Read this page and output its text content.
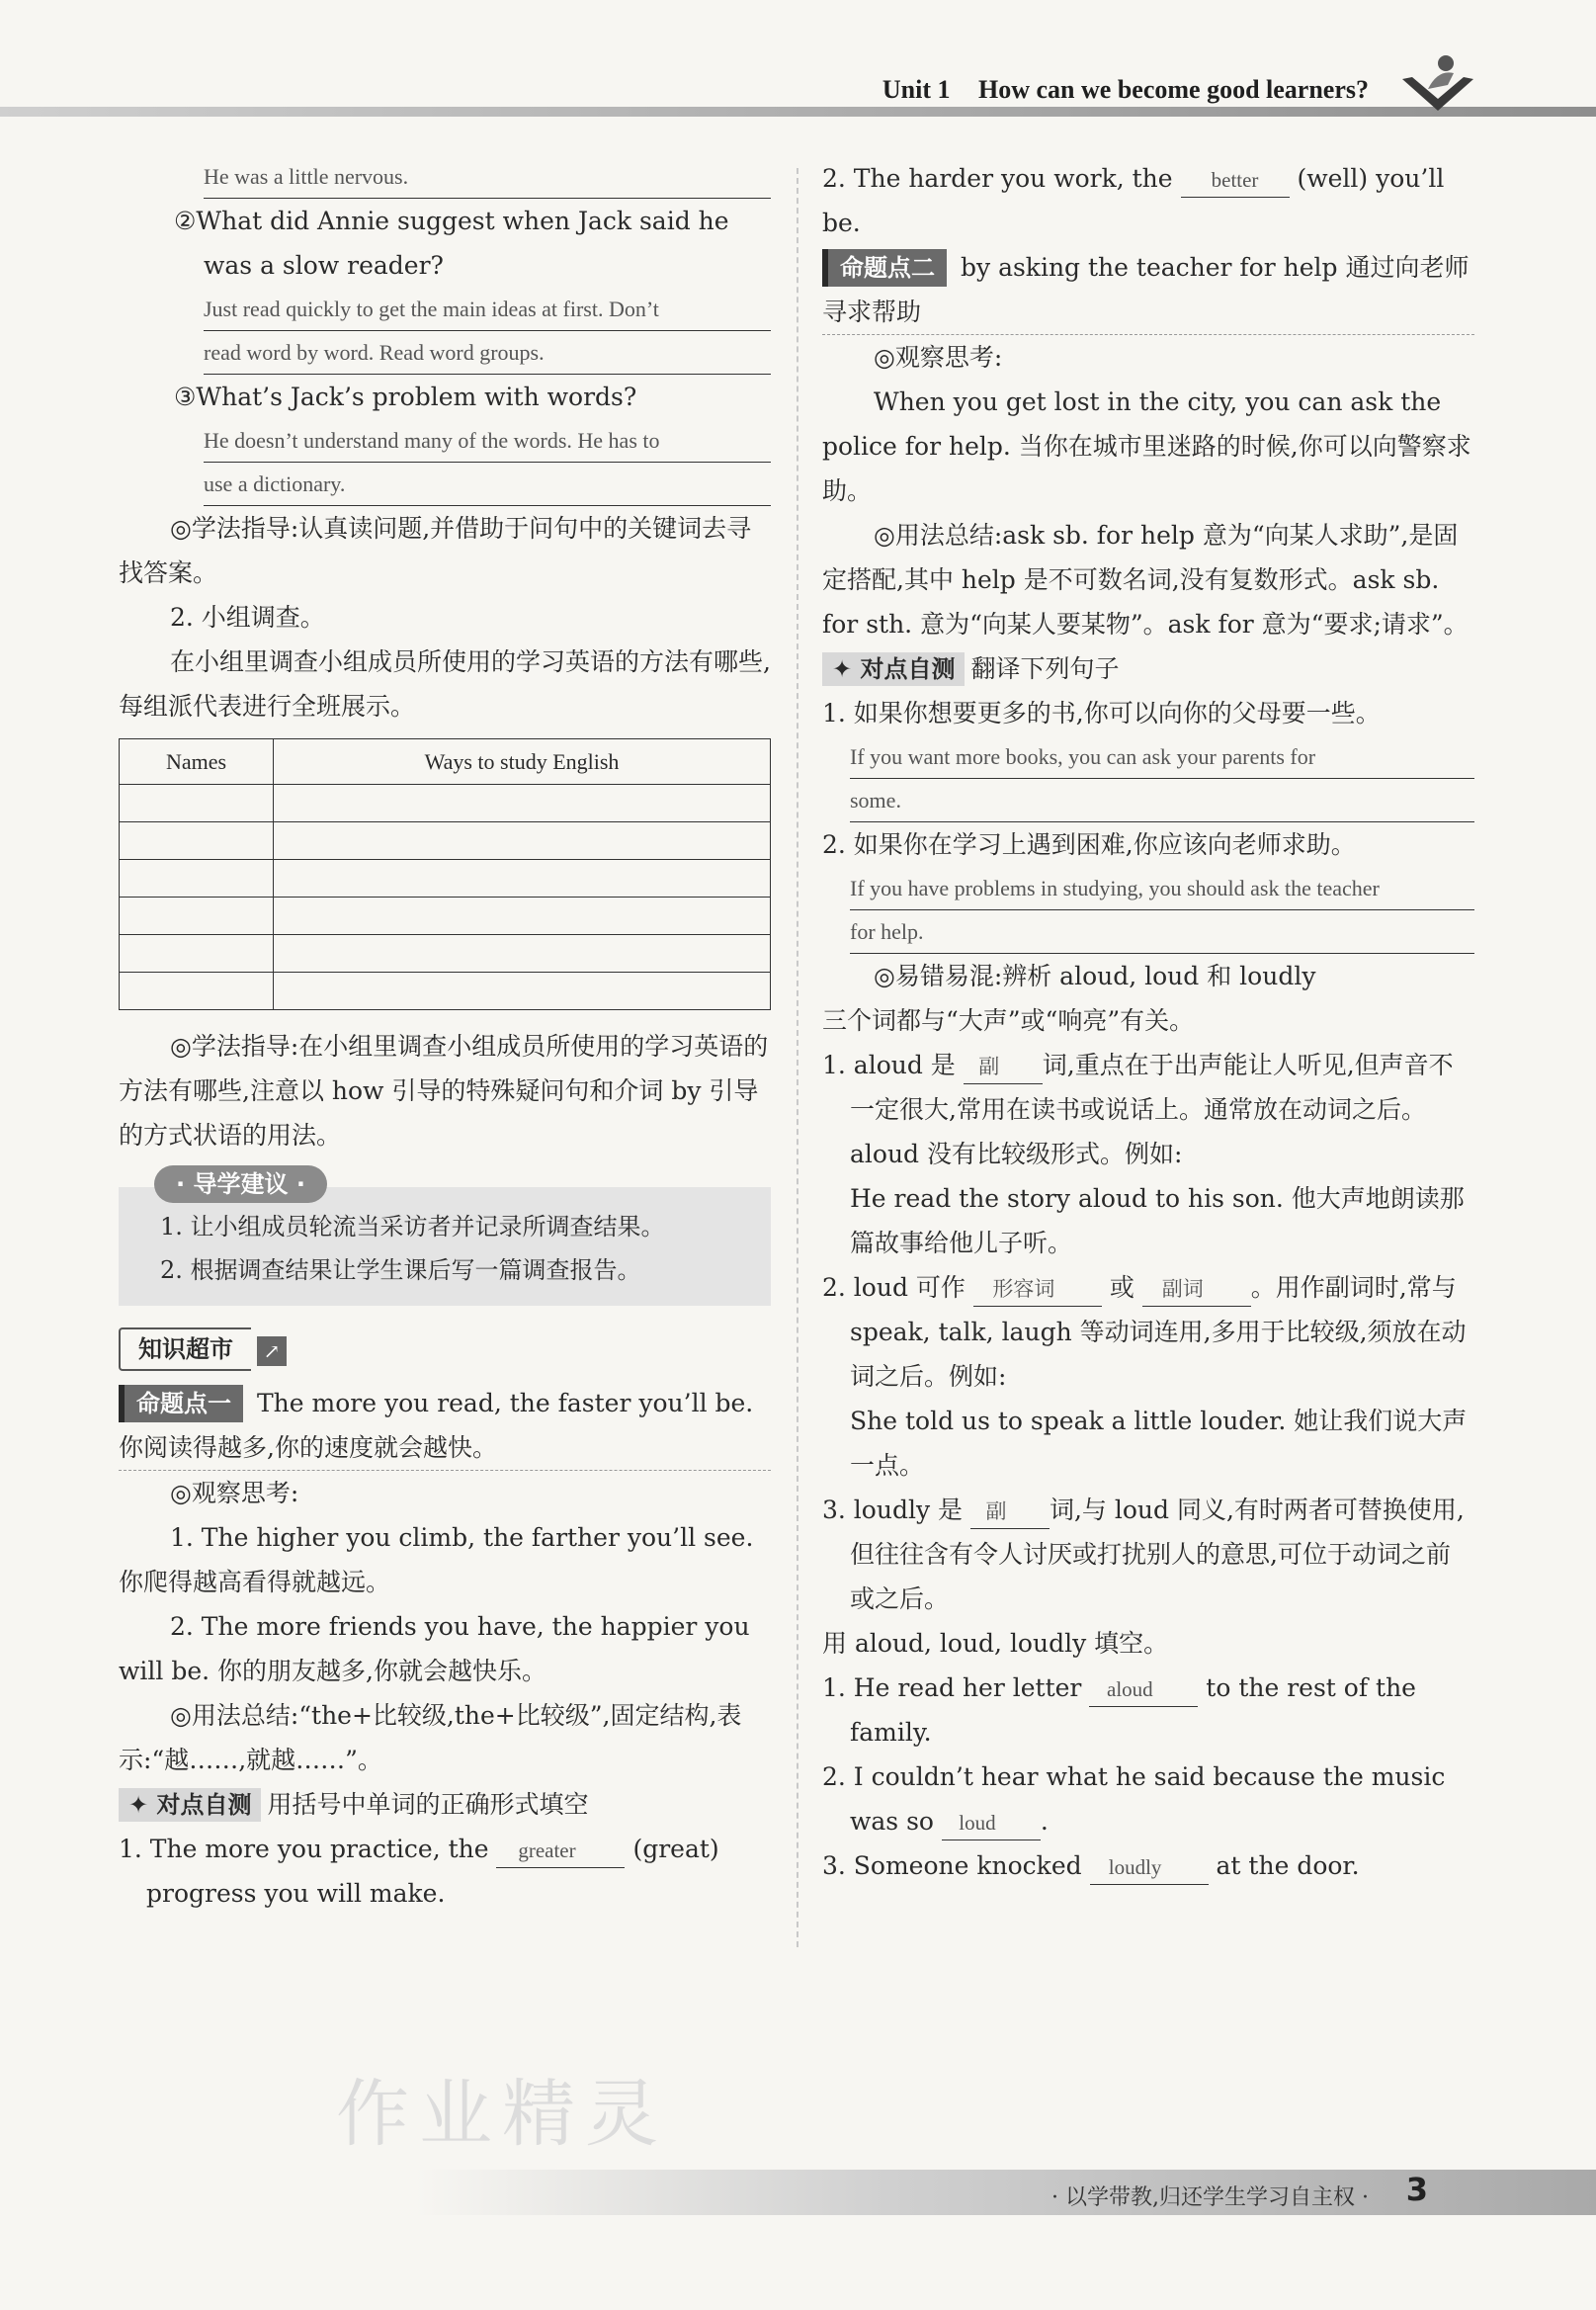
Unit 1 How can we become good learners?
He was a little nervous.
②What did Annie suggest when Jack said he was a slow reader?
Just read quickly to get the main ideas at first. Don’t
read word by word. Read word groups.
③What’s Jack’s problem with words?
He doesn’t understand many of the words. He has to
use a dictionary.
◎学法指导:认真读问题,并借助于问句中的关键词去寻找答案。
2. 小组调查。
在小组里调查小组成员所使用的学习英语的方法有哪些,每组派代表进行全班展示。
Names	Ways to study English

◎学法指导:在小组里调查小组成员所使用的学习英语的方法有哪些,注意以 how 引导的特殊疑问句和介词 by 引导的方式状语的用法。
· 导学建议 ·
1. 让小组成员轮流当采访者并记录所调查结果。
2. 根据调查结果让学生课后写一篇调查报告。
知识超市 ↗
命题点一 The more you read, the faster you’ll be. 你阅读得越多,你的速度就会越快。
◎观察思考:
1. The higher you climb, the farther you’ll see. 你爬得越高看得就越远。
2. The more friends you have, the happier you will be. 你的朋友越多,你就会越快乐。
◎用法总结:“the+比较级,the+比较级”,固定结构,表示:“越……,就越……”。
✦ 对点自测 用括号中单词的正确形式填空
1. The more you practice, the greater (great) progress you will make.
2. The harder you work, the better (well) you’ll be.
命题点二 by asking the teacher for help 通过向老师寻求帮助
◎观察思考:
When you get lost in the city, you can ask the police for help. 当你在城市里迷路的时候,你可以向警察求助。
◎用法总结:ask sb. for help 意为“向某人求助”,是固定搭配,其中 help 是不可数名词,没有复数形式。ask sb. for sth. 意为“向某人要某物”。ask for 意为“要求;请求”。
✦ 对点自测 翻译下列句子
1. 如果你想要更多的书,你可以向你的父母要一些。
If you want more books, you can ask your parents for
some.
2. 如果你在学习上遇到困难,你应该向老师求助。
If you have problems in studying, you should ask the teacher
for help.
◎易错易混:辨析 aloud, loud 和 loudly
三个词都与“大声”或“响亮”有关。
1. aloud 是 副 词,重点在于出声能让人听见,但声音不一定很大,常用在读书或说话上。通常放在动词之后。aloud 没有比较级形式。例如:
He read the story aloud to his son. 他大声地朗读那篇故事给他儿子听。
2. loud 可作 形容词 或 副词 。用作副词时,常与 speak, talk, laugh 等动词连用,多用于比较级,须放在动词之后。例如:
She told us to speak a little louder. 她让我们说大声一点。
3. loudly 是 副 词,与 loud 同义,有时两者可替换使用,但往往含有令人讨厌或打扰别人的意思,可位于动词之前或之后。
用 aloud, loud, loudly 填空。
1. He read her letter aloud to the rest of the family.
2. I couldn’t hear what he said because the music was so loud .
3. Someone knocked loudly at the door.
作业精灵
· 以学带教,归还学生学习自主权 · 3
